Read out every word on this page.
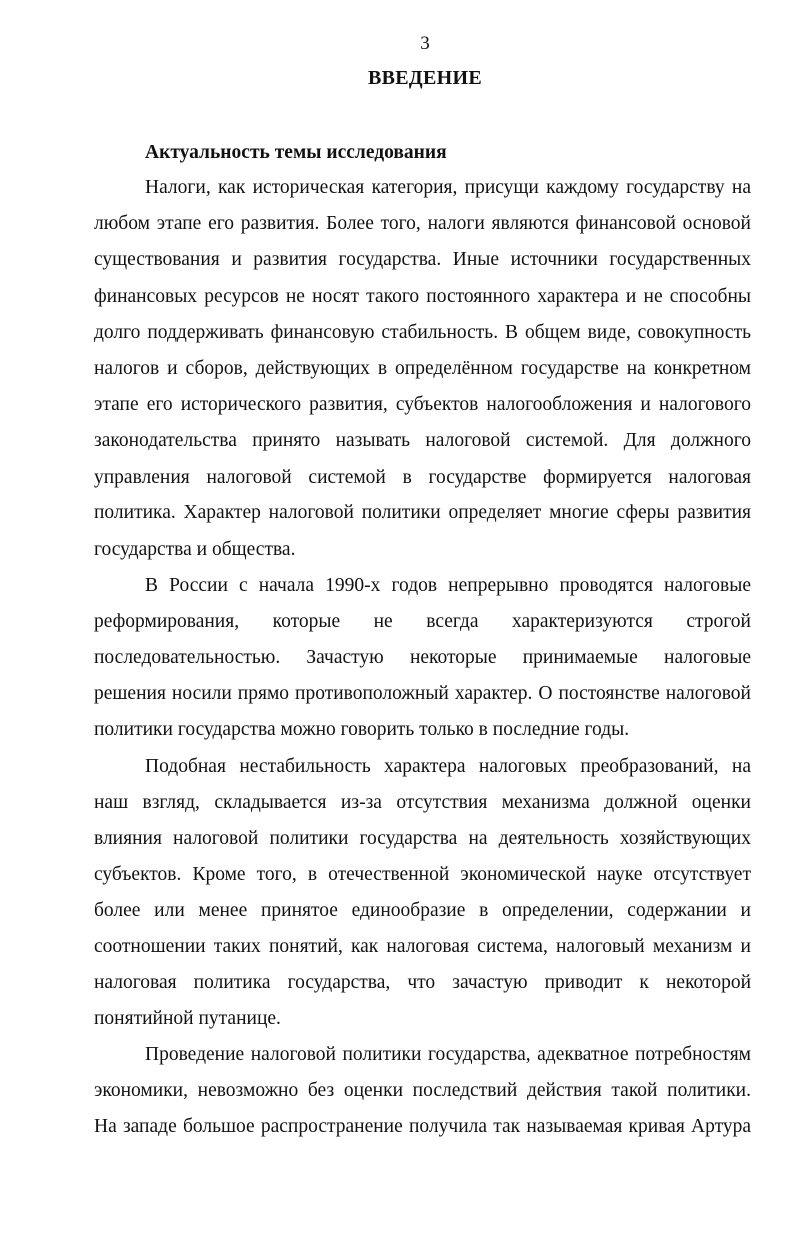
3
ВВЕДЕНИЕ
Актуальность темы исследования
Налоги, как историческая категория, присущи каждому государству на
любом этапе его развития. Более того, налоги являются финансовой основой
существования и развития государства. Иные источники государственных
финансовых ресурсов не носят такого постоянного характера и не способны
долго поддерживать финансовую стабильность. В общем виде, совокупность
налогов и сборов, действующих в определённом государстве на конкретном
этапе его исторического развития, субъектов налогообложения и налогового
законодательства принято называть налоговой системой. Для должного
управления налоговой системой в государстве формируется налоговая
политика. Характер налоговой политики определяет многие сферы развития
государства и общества.
В России с начала 1990-х годов непрерывно проводятся налоговые
реформирования, которые не всегда характеризуются строгой
последовательностью. Зачастую некоторые принимаемые налоговые
решения носили прямо противоположный характер. О постоянстве налоговой
политики государства можно говорить только в последние годы.
Подобная нестабильность характера налоговых преобразований, на
наш взгляд, складывается из-за отсутствия механизма должной оценки
влияния налоговой политики государства на деятельность хозяйствующих
субъектов. Кроме того, в отечественной экономической науке отсутствует
более или менее принятое единообразие в определении, содержании и
соотношении таких понятий, как налоговая система, налоговый механизм и
налоговая политика государства, что зачастую приводит к некоторой
понятийной путанице.
Проведение налоговой политики государства, адекватное потребностям
экономики, невозможно без оценки последствий действия такой политики.
На западе большое распространение получила так называемая кривая Артура
